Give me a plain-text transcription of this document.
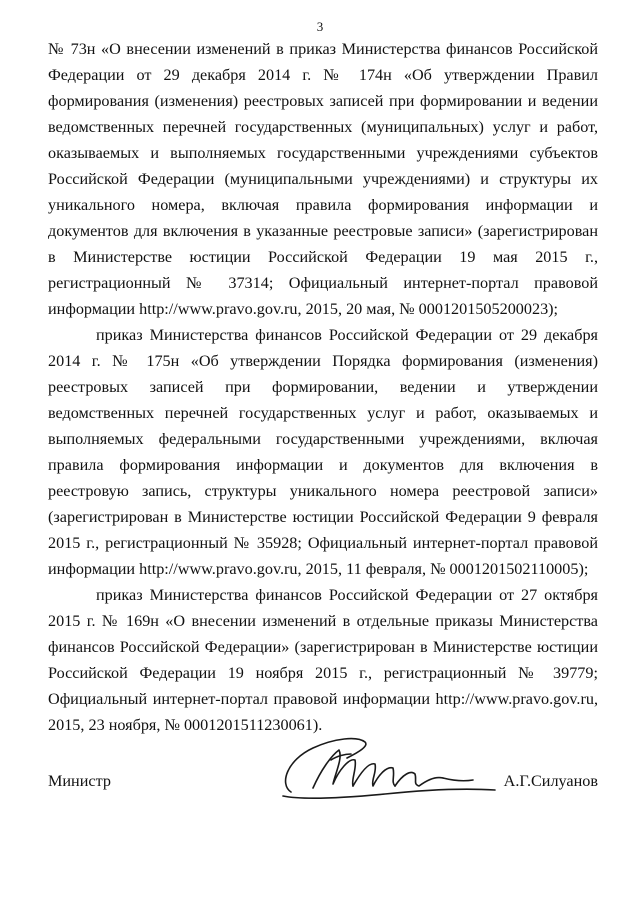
3

№ 73н «О внесении изменений в приказ Министерства финансов Российской Федерации от 29 декабря 2014 г. № 174н «Об утверждении Правил формирования (изменения) реестровых записей при формировании и ведении ведомственных перечней государственных (муниципальных) услуг и работ, оказываемых и выполняемых государственными учреждениями субъектов Российской Федерации (муниципальными учреждениями) и структуры их уникального номера, включая правила формирования информации и документов для включения в указанные реестровые записи» (зарегистрирован в Министерстве юстиции Российской Федерации 19 мая 2015 г., регистрационный № 37314; Официальный интернет-портал правовой информации http://www.pravo.gov.ru, 2015, 20 мая, № 0001201505200023);

приказ Министерства финансов Российской Федерации от 29 декабря 2014 г. № 175н «Об утверждении Порядка формирования (изменения) реестровых записей при формировании, ведении и утверждении ведомственных перечней государственных услуг и работ, оказываемых и выполняемых федеральными государственными учреждениями, включая правила формирования информации и документов для включения в реестровую запись, структуры уникального номера реестровой записи» (зарегистрирован в Министерстве юстиции Российской Федерации 9 февраля 2015 г., регистрационный № 35928; Официальный интернет-портал правовой информации http://www.pravo.gov.ru, 2015, 11 февраля, № 0001201502110005);

приказ Министерства финансов Российской Федерации от 27 октября 2015 г. № 169н «О внесении изменений в отдельные приказы Министерства финансов Российской Федерации» (зарегистрирован в Министерстве юстиции Российской Федерации 19 ноября 2015 г., регистрационный № 39779; Официальный интернет-портал правовой информации http://www.pravo.gov.ru, 2015, 23 ноября, № 0001201511230061).

Министр	А.Г.Силуанов
